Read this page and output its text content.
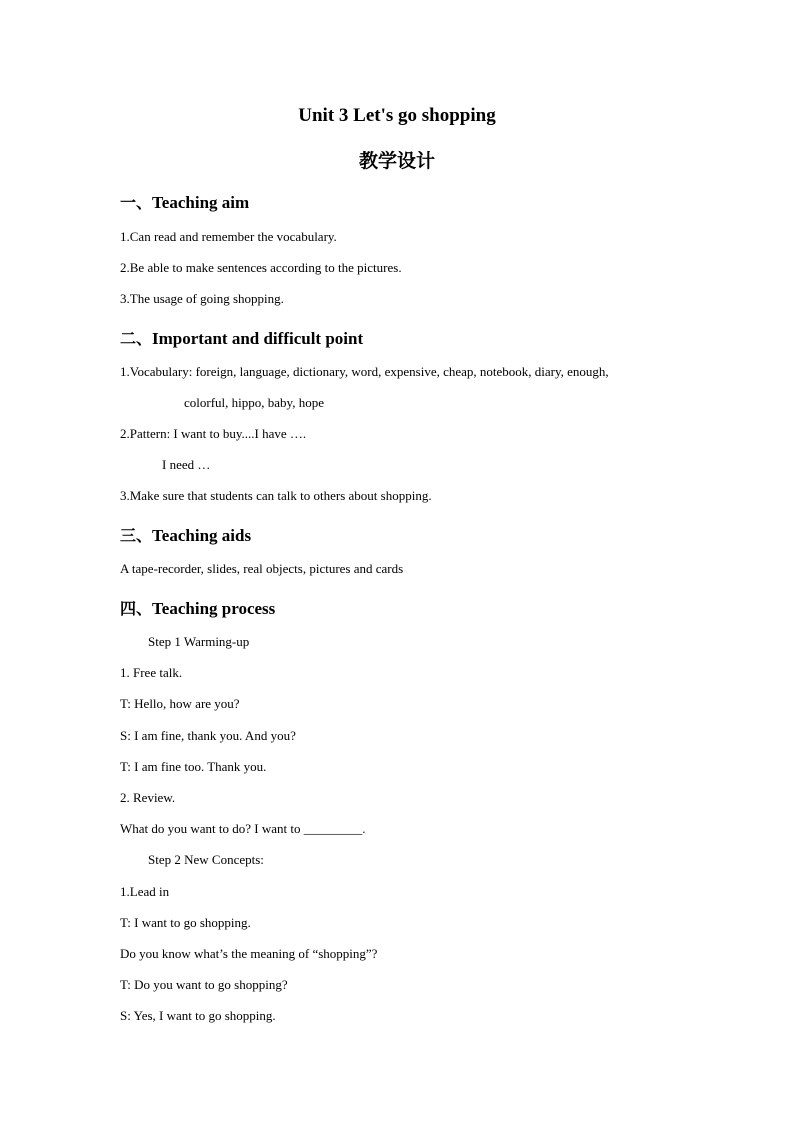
Unit 3 Let's go shopping
教学设计
一、Teaching aim
1.Can read and remember the vocabulary.
2.Be able to make sentences according to the pictures.
3.The usage of going shopping.
二、Important and difficult point
1.Vocabulary: foreign, language, dictionary, word, expensive, cheap, notebook, diary, enough,
colorful, hippo, baby, hope
2.Pattern: I want to buy....I have ….
I need …
3.Make sure that students can talk to others about shopping.
三、Teaching aids
A tape-recorder, slides, real objects, pictures and cards
四、Teaching process
Step 1 Warming-up
1. Free talk.
T: Hello, how are you?
S: I am fine, thank you. And you?
T: I am fine too. Thank you.
2. Review.
What do you want to do? I want to _________.
Step 2 New Concepts:
1.Lead in
T: I want to go shopping.
Do you know what’s the meaning of “shopping”?
T: Do you want to go shopping?
S: Yes, I want to go shopping.
